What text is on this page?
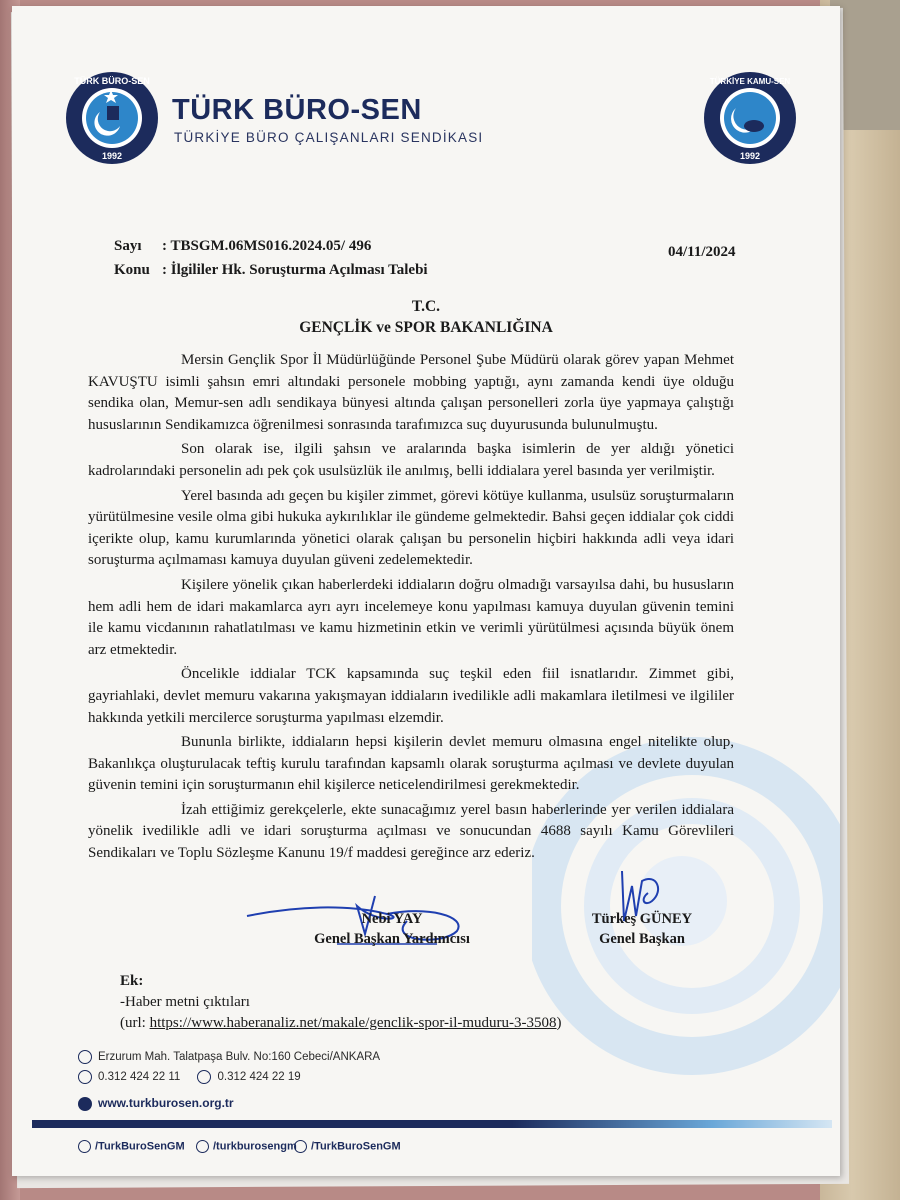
TÜRK BÜRO-SEN
1992
TÜRK BÜRO-SEN
TÜRKİYE BÜRO ÇALIŞANLARI SENDİKASI
TÜRKİYE KAMU-SEN
1992
Sayı : TBSGM.06MS016.2024.05/ 496
Konu : İlgililer Hk. Soruşturma Açılması Talebi
04/11/2024
T.C.
GENÇLİK ve SPOR BAKANLIĞINA

Mersin Gençlik Spor İl Müdürlüğünde Personel Şube Müdürü olarak görev yapan Mehmet KAVUŞTU isimli şahsın emri altındaki personele mobbing yaptığı, aynı zamanda kendi üye olduğu sendika olan, Memur-sen adlı sendikaya bünyesi altında çalışan personelleri zorla üye yapmaya çalıştığı hususlarının Sendikamızca öğrenilmesi sonrasında tarafımızca suç duyurusunda bulunulmuştu.

Son olarak ise, ilgili şahsın ve aralarında başka isimlerin de yer aldığı yönetici kadrolarındaki personelin adı pek çok usulsüzlük ile anılmış, belli iddialara yerel basında yer verilmiştir.

Yerel basında adı geçen bu kişiler zimmet, görevi kötüye kullanma, usulsüz soruşturmaların yürütülmesine vesile olma gibi hukuka aykırılıklar ile gündeme gelmektedir. Bahsi geçen iddialar çok ciddi içerikte olup, kamu kurumlarında yönetici olarak çalışan bu personelin hiçbiri hakkında adli veya idari soruşturma açılmaması kamuya duyulan güveni zedelemektedir.

Kişilere yönelik çıkan haberlerdeki iddiaların doğru olmadığı varsayılsa dahi, bu hususların hem adli hem de idari makamlarca ayrı ayrı incelemeye konu yapılması kamuya duyulan güvenin temini ile kamu vicdanının rahatlatılması ve kamu hizmetinin etkin ve verimli yürütülmesi açısında büyük önem arz etmektedir.

Öncelikle iddialar TCK kapsamında suç teşkil eden fiil isnatlarıdır. Zimmet gibi, gayriahlaki, devlet memuru vakarına yakışmayan iddiaların ivedilikle adli makamlara iletilmesi ve ilgililer hakkında yetkili mercilerce soruşturma yapılması elzemdir.

Bununla birlikte, iddiaların hepsi kişilerin devlet memuru olmasına engel nitelikte olup, Bakanlıkça oluşturulacak teftiş kurulu tarafından kapsamlı olarak soruşturma açılması ve devlete duyulan güvenin temini için soruşturmanın ehil kişilerce neticelendirilmesi gerekmektedir.

İzah ettiğimiz gerekçelerle, ekte sunacağımız yerel basın haberlerinde yer verilen iddialara yönelik ivedilikle adli ve idari soruşturma açılması ve sonucundan 4688 sayılı Kamu Görevlileri Sendikaları ve Toplu Sözleşme Kanunu 19/f maddesi gereğince arz ederiz.

Nebi YAY
Genel Başkan Yardımcısı
Türkeş GÜNEY
Genel Başkan
Ek:
-Haber metni çıktıları
(url: https://www.haberanaliz.net/makale/genclik-spor-il-muduru-3-3508)
Erzurum Mah. Talatpaşa Bulv. No:160 Cebeci/ANKARA
0.312 424 22 11	0.312 424 22 19
www.turkburosen.org.tr
/TurkBuroSenGM	/turkburosengm	/TurkBuroSenGM
